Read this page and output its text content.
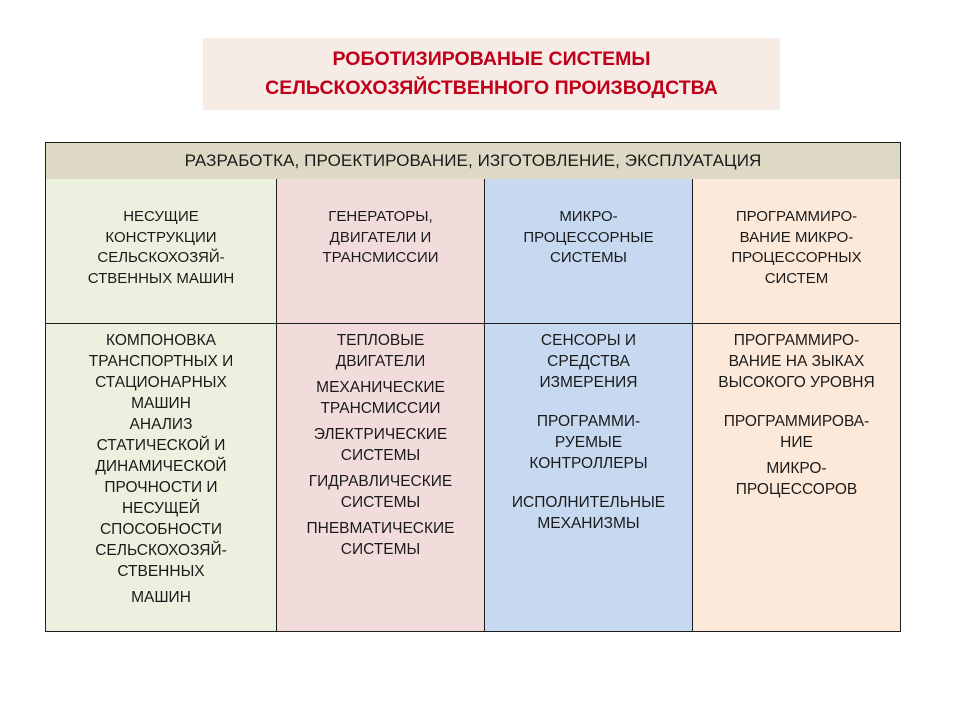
РОБОТИЗИРОВАНЫЕ СИСТЕМЫ
СЕЛЬСКОХОЗЯЙСТВЕННОГО ПРОИЗВОДСТВА
РАЗРАБОТКА, ПРОЕКТИРОВАНИЕ, ИЗГОТОВЛЕНИЕ, ЭКСПЛУАТАЦИЯ
НЕСУЩИЕ
КОНСТРУКЦИИ
СЕЛЬСКОХОЗЯЙ-
СТВЕННЫХ МАШИН
КОМПОНОВКА
ТРАНСПОРТНЫХ И
СТАЦИОНАРНЫХ
МАШИН
АНАЛИЗ
СТАТИЧЕСКОЙ И
ДИНАМИЧЕСКОЙ
ПРОЧНОСТИ И
НЕСУЩЕЙ
СПОСОБНОСТИ
СЕЛЬСКОХОЗЯЙ-
СТВЕННЫХ
МАШИН
ГЕНЕРАТОРЫ,
ДВИГАТЕЛИ И
ТРАНСМИССИИ
ТЕПЛОВЫЕ
ДВИГАТЕЛИ
МЕХАНИЧЕСКИЕ
ТРАНСМИССИИ
ЭЛЕКТРИЧЕСКИЕ
СИСТЕМЫ
ГИДРАВЛИЧЕСКИЕ
СИСТЕМЫ
ПНЕВМАТИЧЕСКИЕ
СИСТЕМЫ
МИКРО-
ПРОЦЕССОРНЫЕ
СИСТЕМЫ
СЕНСОРЫ И
СРЕДСТВА
ИЗМЕРЕНИЯ
ПРОГРАММИ-
РУЕМЫЕ
КОНТРОЛЛЕРЫ
ИСПОЛНИТЕЛЬНЫЕ
МЕХАНИЗМЫ
ПРОГРАММИРО-
ВАНИЕ МИКРО-
ПРОЦЕССОРНЫХ
СИСТЕМ
ПРОГРАММИРО-
ВАНИЕ НА ЗЫКАХ
ВЫСОКОГО УРОВНЯ
ПРОГРАММИРОВА-
НИЕ
МИКРО-
ПРОЦЕССОРОВ
